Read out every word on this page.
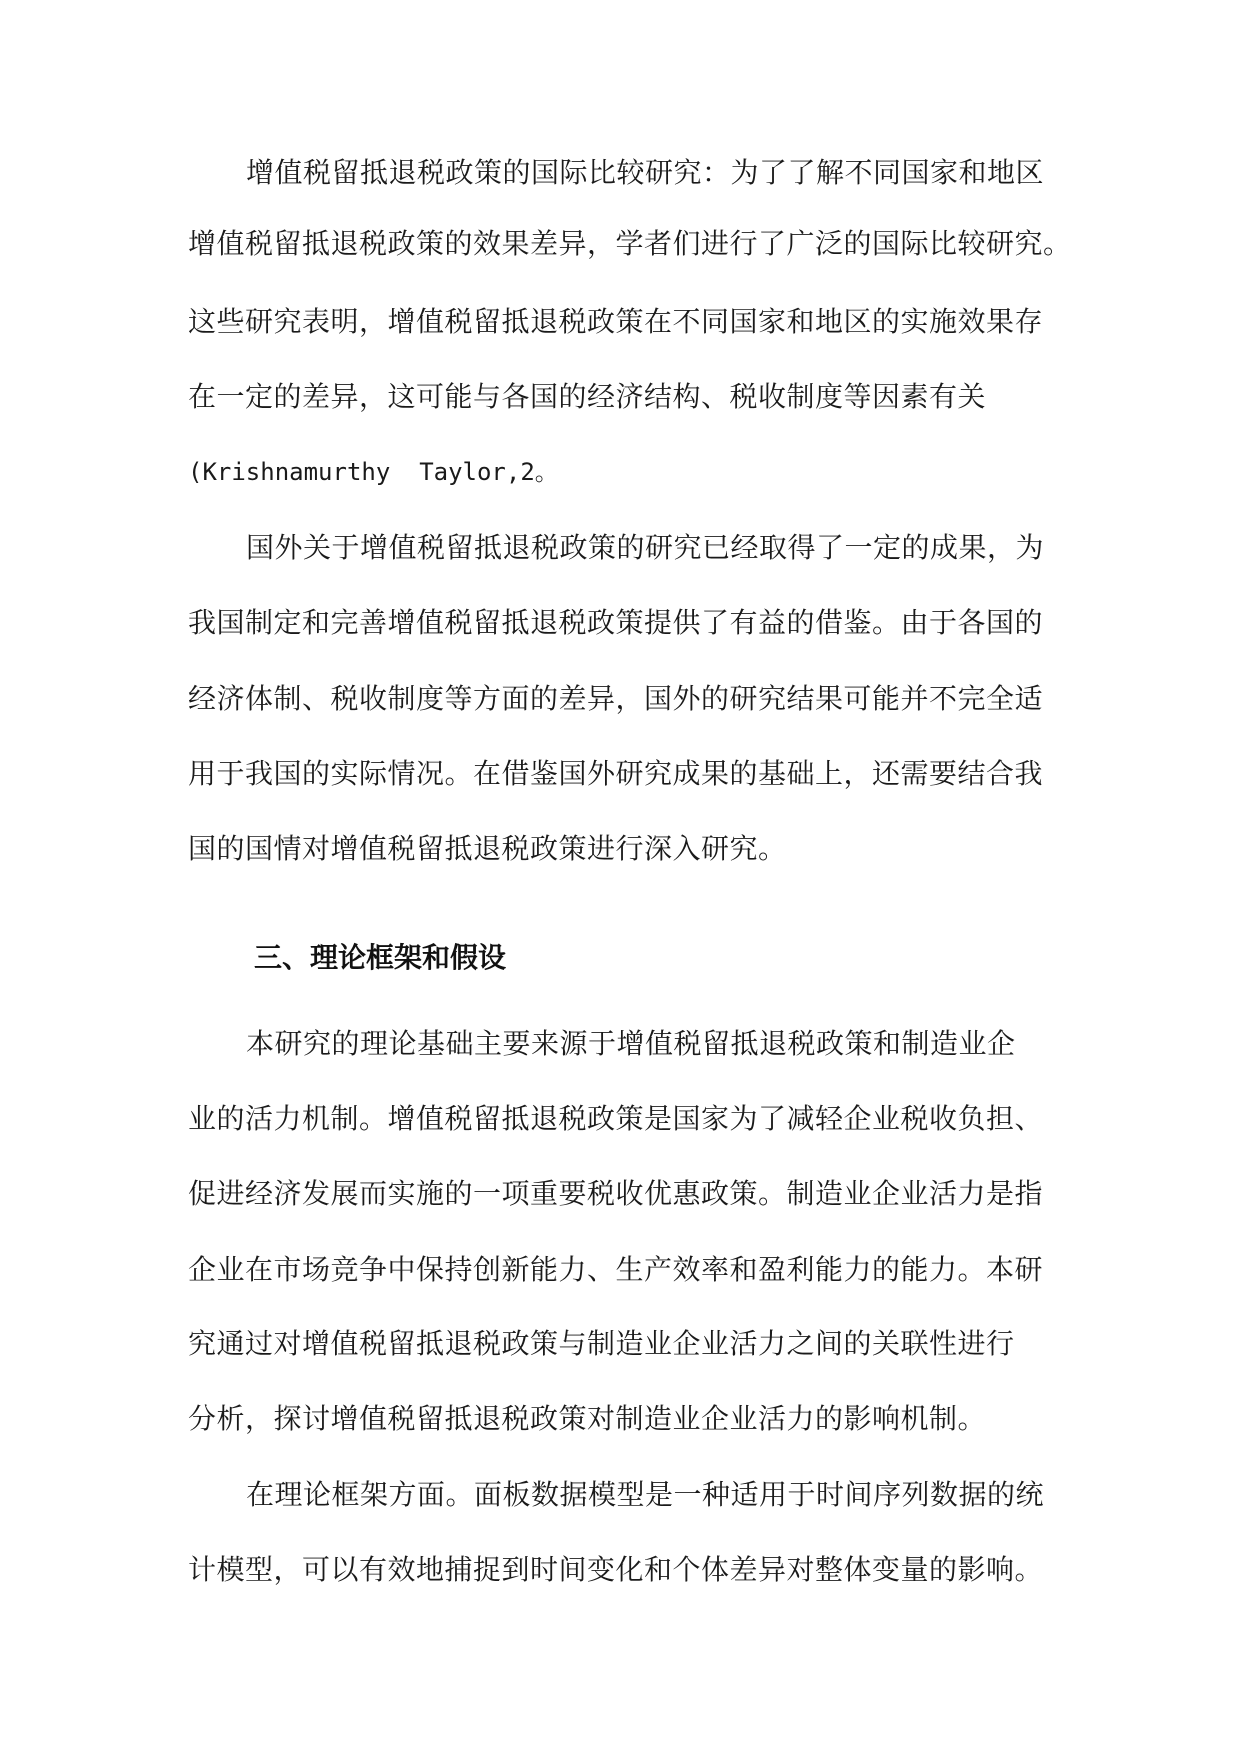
增值税留抵退税政策的国际比较研究：为了了解不同国家和地区
增值税留抵退税政策的效果差异，学者们进行了广泛的国际比较研究。
这些研究表明，增值税留抵退税政策在不同国家和地区的实施效果存
在一定的差异，这可能与各国的经济结构、税收制度等因素有关
(Krishnamurthy  Taylor,2。
国外关于增值税留抵退税政策的研究已经取得了一定的成果，为
我国制定和完善增值税留抵退税政策提供了有益的借鉴。由于各国的
经济体制、税收制度等方面的差异，国外的研究结果可能并不完全适
用于我国的实际情况。在借鉴国外研究成果的基础上，还需要结合我
国的国情对增值税留抵退税政策进行深入研究。
三、理论框架和假设
本研究的理论基础主要来源于增值税留抵退税政策和制造业企
业的活力机制。增值税留抵退税政策是国家为了减轻企业税收负担、
促进经济发展而实施的一项重要税收优惠政策。制造业企业活力是指
企业在市场竞争中保持创新能力、生产效率和盈利能力的能力。本研
究通过对增值税留抵退税政策与制造业企业活力之间的关联性进行
分析，探讨增值税留抵退税政策对制造业企业活力的影响机制。
在理论框架方面。面板数据模型是一种适用于时间序列数据的统
计模型，可以有效地捕捉到时间变化和个体差异对整体变量的影响。
